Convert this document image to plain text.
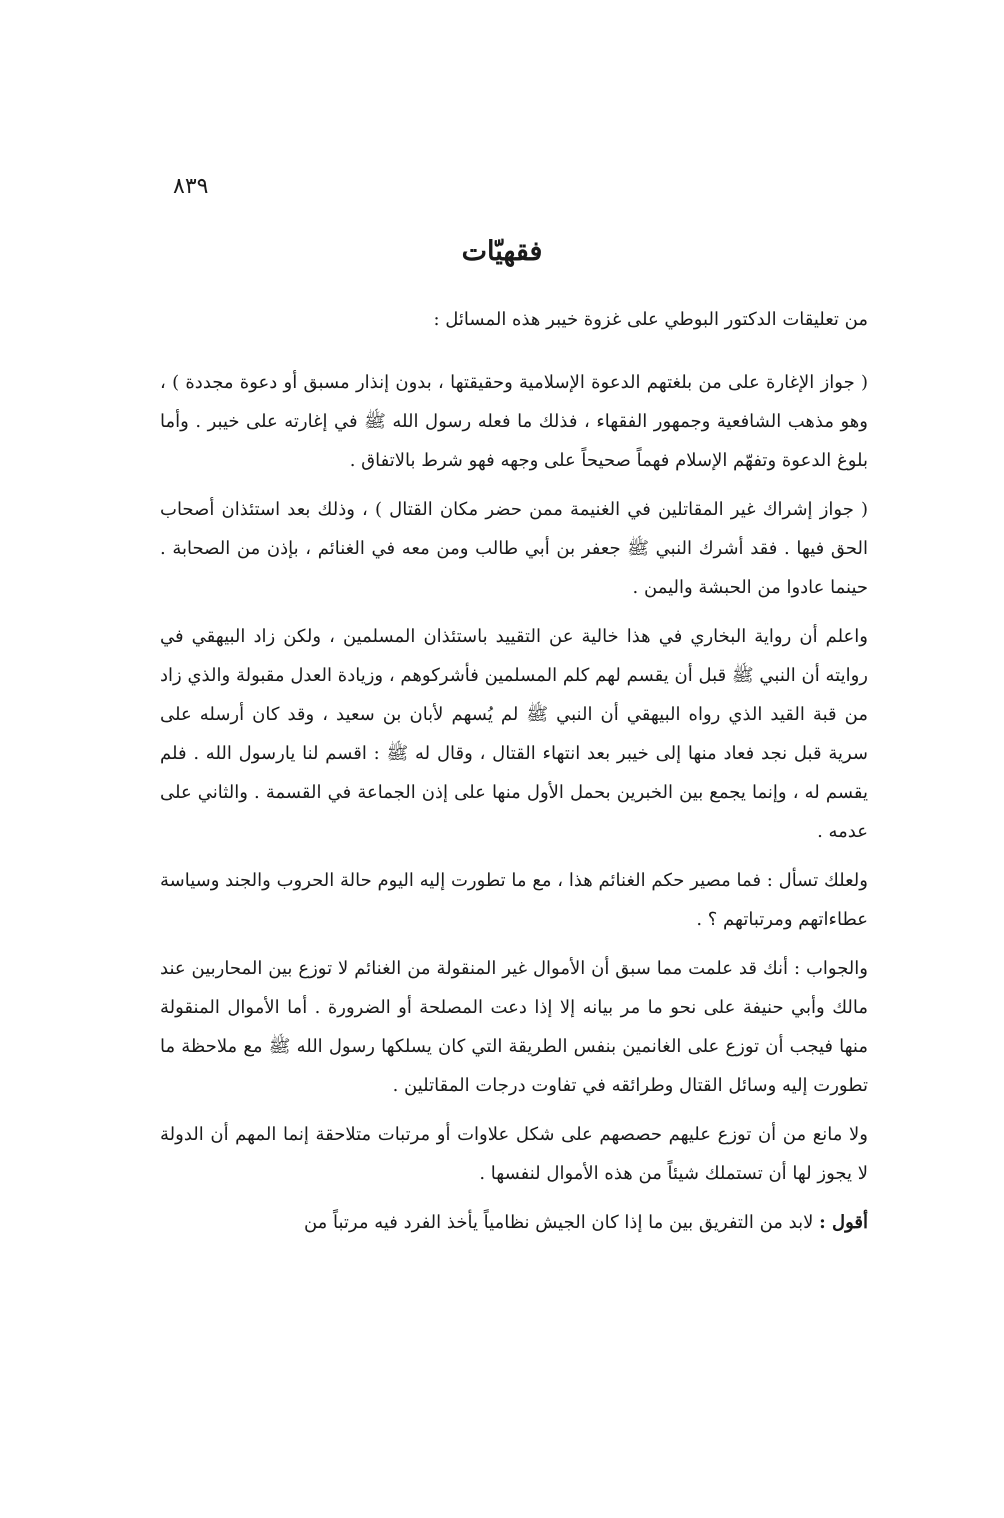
٨٣٩
فقهيّات

من تعليقات الدكتور البوطي على غزوة خيبر هذه المسائل :

( جواز الإغارة على من بلغتهم الدعوة الإسلامية وحقيقتها ، بدون إنذار مسبق أو دعوة مجددة ) ، وهو مذهب الشافعية وجمهور الفقهاء ، فذلك ما فعله رسول الله ﷺ في إغارته على خيبر . وأما بلوغ الدعوة وتفهّم الإسلام فهماً صحيحاً على وجهه فهو شرط بالاتفاق .

( جواز إشراك غير المقاتلين في الغنيمة ممن حضر مكان القتال ) ، وذلك بعد استئذان أصحاب الحق فيها . فقد أشرك النبي ﷺ جعفر بن أبي طالب ومن معه في الغنائم ، بإذن من الصحابة . حينما عادوا من الحبشة واليمن .

واعلم أن رواية البخاري في هذا خالية عن التقييد باستئذان المسلمين ، ولكن زاد البيهقي في روايته أن النبي ﷺ قبل أن يقسم لهم كلم المسلمين فأشركوهم ، وزيادة العدل مقبولة والذي زاد من قبة القيد الذي رواه البيهقي أن النبي ﷺ لم يُسهم لأبان بن سعيد ، وقد كان أرسله على سرية قبل نجد فعاد منها إلى خيبر بعد انتهاء القتال ، وقال له ﷺ : اقسم لنا يارسول الله . فلم يقسم له ، وإنما يجمع بين الخبرين بحمل الأول منها على إذن الجماعة في القسمة . والثاني على عدمه .

ولعلك تسأل : فما مصير حكم الغنائم هذا ، مع ما تطورت إليه اليوم حالة الحروب والجند وسياسة عطاءاتهم ومرتباتهم ؟ .

والجواب : أنك قد علمت مما سبق أن الأموال غير المنقولة من الغنائم لا توزع بين المحاربين عند مالك وأبي حنيفة على نحو ما مر بيانه إلا إذا دعت المصلحة أو الضرورة . أما الأموال المنقولة منها فيجب أن توزع على الغانمين بنفس الطريقة التي كان يسلكها رسول الله ﷺ مع ملاحظة ما تطورت إليه وسائل القتال وطرائقه في تفاوت درجات المقاتلين .

ولا مانع من أن توزع عليهم حصصهم على شكل علاوات أو مرتبات متلاحقة إنما المهم أن الدولة لا يجوز لها أن تستملك شيئاً من هذه الأموال لنفسها .

أقول : لابد من التفريق بين ما إذا كان الجيش نظامياً يأخذ الفرد فيه مرتباً من
